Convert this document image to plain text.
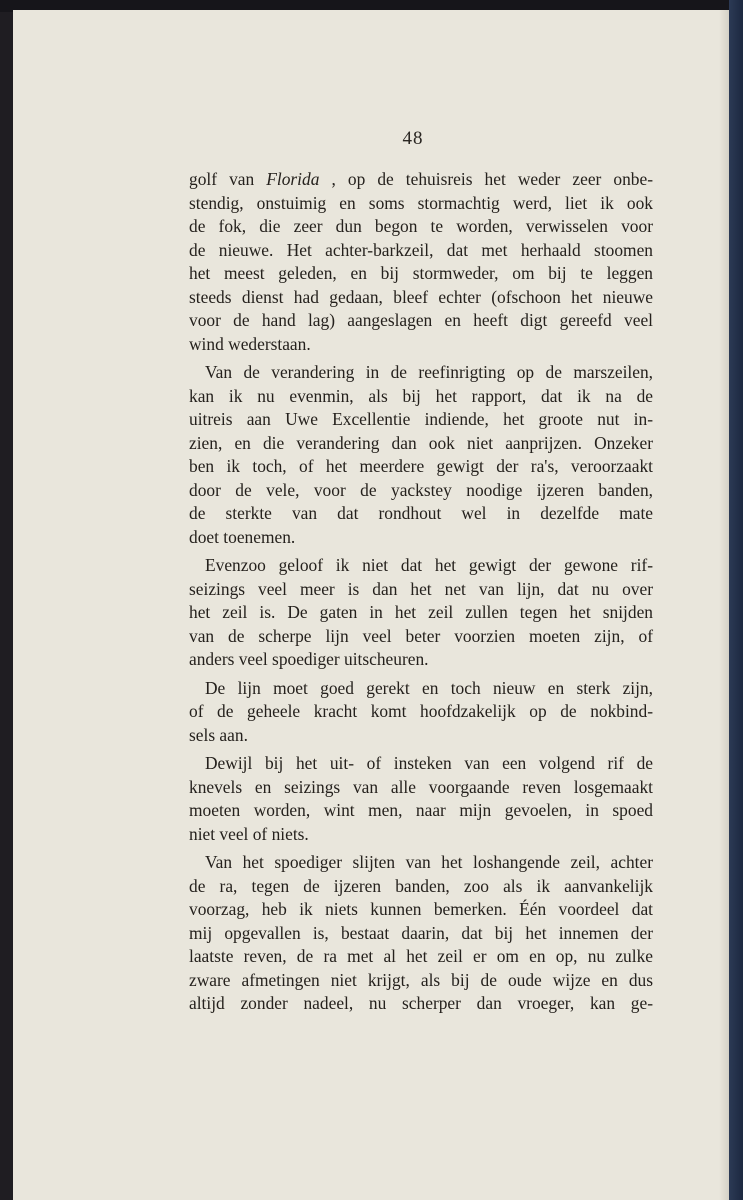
48
golf van Florida , op de tehuisreis het weder zeer onbe-
stendig, onstuimig en soms stormachtig werd, liet ik ook
de fok, die zeer dun begon te worden, verwisselen voor
de nieuwe. Het achter-barkzeil, dat met herhaald stoomen
het meest geleden, en bij stormweder, om bij te leggen
steeds dienst had gedaan, bleef echter (ofschoon het nieuwe
voor de hand lag) aangeslagen en heeft digt gereefd veel
wind wederstaan.
Van de verandering in de reefinrigting op de marszeilen,
kan ik nu evenmin, als bij het rapport, dat ik na de
uitreis aan Uwe Excellentie indiende, het groote nut in-
zien, en die verandering dan ook niet aanprijzen. Onzeker
ben ik toch, of het meerdere gewigt der ra's, veroorzaakt
door de vele, voor de yackstey noodige ijzeren banden,
de sterkte van dat rondhout wel in dezelfde mate
doet toenemen.
Evenzoo geloof ik niet dat het gewigt der gewone rif-
seizings veel meer is dan het net van lijn, dat nu over
het zeil is. De gaten in het zeil zullen tegen het snijden
van de scherpe lijn veel beter voorzien moeten zijn, of
anders veel spoediger uitscheuren.
De lijn moet goed gerekt en toch nieuw en sterk zijn,
of de geheele kracht komt hoofdzakelijk op de nokbind-
sels aan.
Dewijl bij het uit- of insteken van een volgend rif de
knevels en seizings van alle voorgaande reven losgemaakt
moeten worden, wint men, naar mijn gevoelen, in spoed
niet veel of niets.
Van het spoediger slijten van het loshangende zeil, achter
de ra, tegen de ijzeren banden, zoo als ik aanvankelijk
voorzag, heb ik niets kunnen bemerken. Één voordeel dat
mij opgevallen is, bestaat daarin, dat bij het innemen der
laatste reven, de ra met al het zeil er om en op, nu zulke
zware afmetingen niet krijgt, als bij de oude wijze en dus
altijd zonder nadeel, nu scherper dan vroeger, kan ge-
